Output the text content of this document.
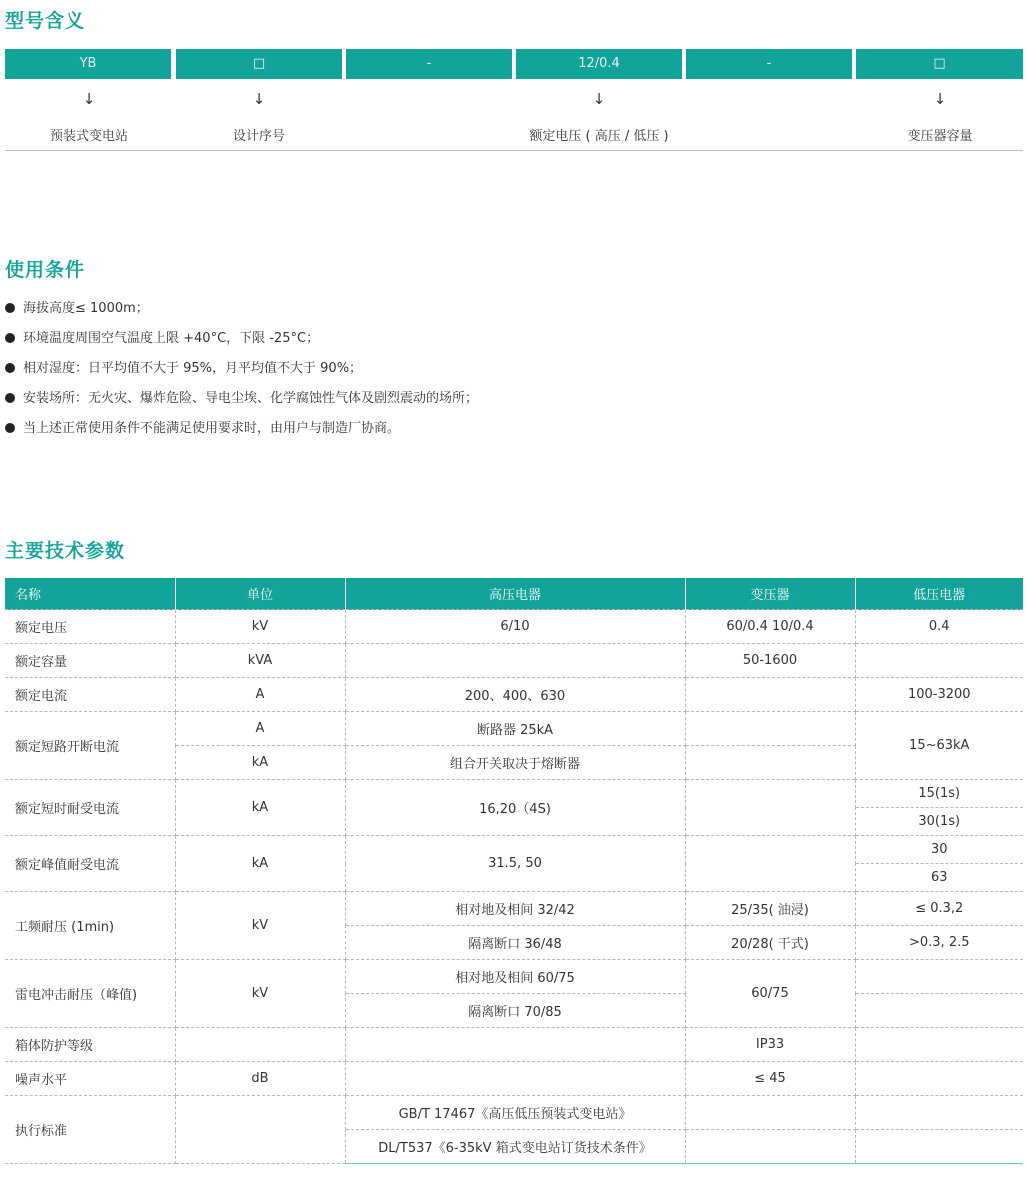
型号含义
YB	□	-	12/0.4	-	□
↓	↓	↓	↓
预装式变电站	设计序号	额定电压 ( 高压 / 低压 )	变压器容量
使用条件
海拔高度≤ 1000m；
环境温度周围空气温度上限 +40°C，下限 -25°C；
相对湿度：日平均值不大于 95%，月平均值不大于 90%；
安装场所：无火灾、爆炸危险、导电尘埃、化学腐蚀性气体及剧烈震动的场所；
当上述正常使用条件不能满足使用要求时，由用户与制造厂协商。
主要技术参数
名称	单位	高压电器	变压器	低压电器
额定电压	kV	6/10	60/0.4 10/0.4	0.4
额定容量	kVA		50-1600	
额定电流	A	200、400、630		100-3200
额定短路开断电流	A	断路器 25kA		15~63kA
	kA	组合开关取决于熔断器		
额定短时耐受电流	kA	16,20（4S)		15(1s)
				30(1s)
额定峰值耐受电流	kA	31.5, 50		30
				63
工频耐压 (1min)	kV	相对地及相间 32/42	25/35( 油浸)	≤ 0.3,2
		隔离断口 36/48	20/28( 干式)	>0.3, 2.5
雷电冲击耐压（峰值)	kV	相对地及相间 60/75	60/75	
		隔离断口 70/85		
箱体防护等级			IP33	
噪声水平	dB		≤ 45	
执行标准		GB/T 17467《高压低压预装式变电站》		
		DL/T537《6-35kV 箱式变电站订货技术条件》		
